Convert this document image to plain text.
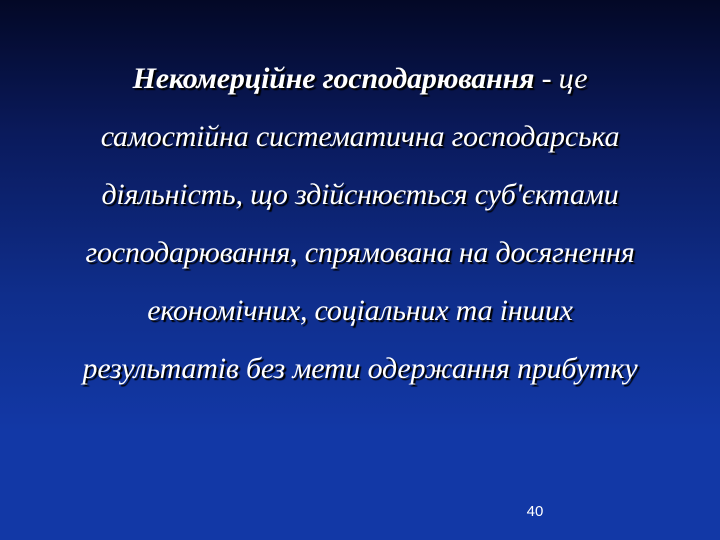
Некомерційне господарювання - це
самостійна систематична господарська
діяльність, що здійснюється суб'єктами
господарювання, спрямована на досягнення
економічних, соціальних та інших
результатів без мети одержання прибутку
40
